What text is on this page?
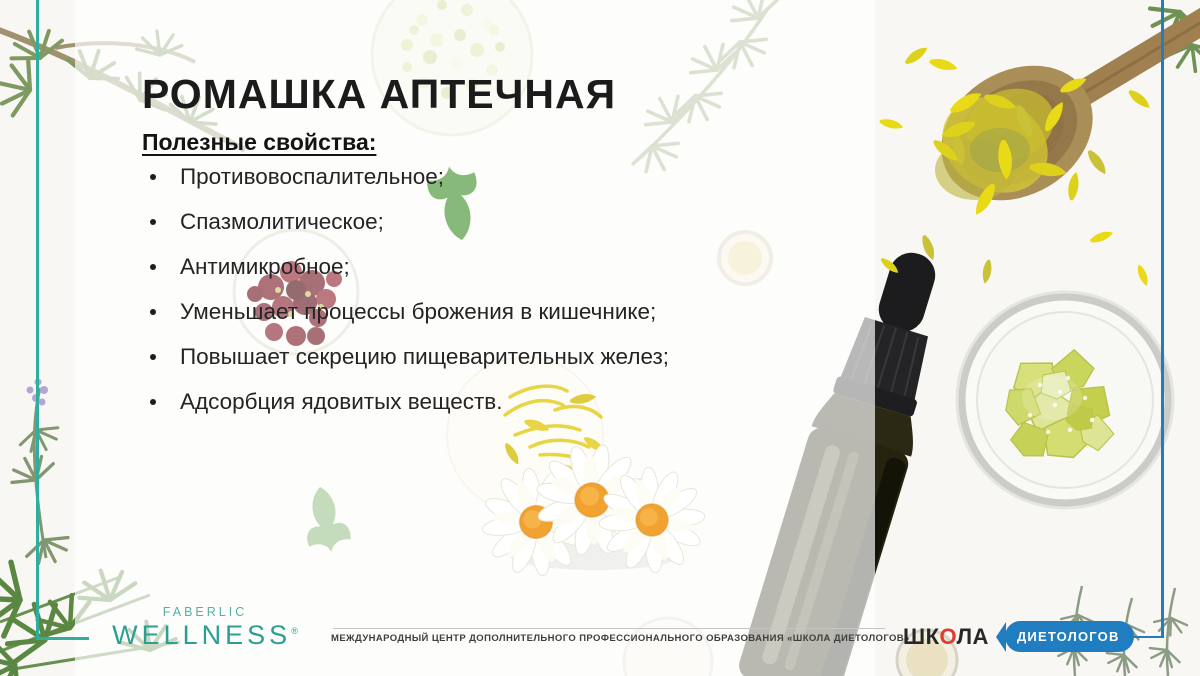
РОМАШКА АПТЕЧНАЯ
Полезные свойства:
Противовоспалительное;
Спазмолитическое;
Антимикробное;
Уменьшает процессы брожения в кишечнике;
Повышает секрецию пищеварительных желез;
Адсорбция ядовитых веществ.
FABERLIC
WELLNESS®
МЕЖДУНАРОДНЫЙ ЦЕНТР ДОПОЛНИТЕЛЬНОГО ПРОФЕССИОНАЛЬНОГО ОБРАЗОВАНИЯ «ШКОЛА ДИЕТОЛОГОВ»
ШКОЛА	ДИЕТОЛОГОВ
